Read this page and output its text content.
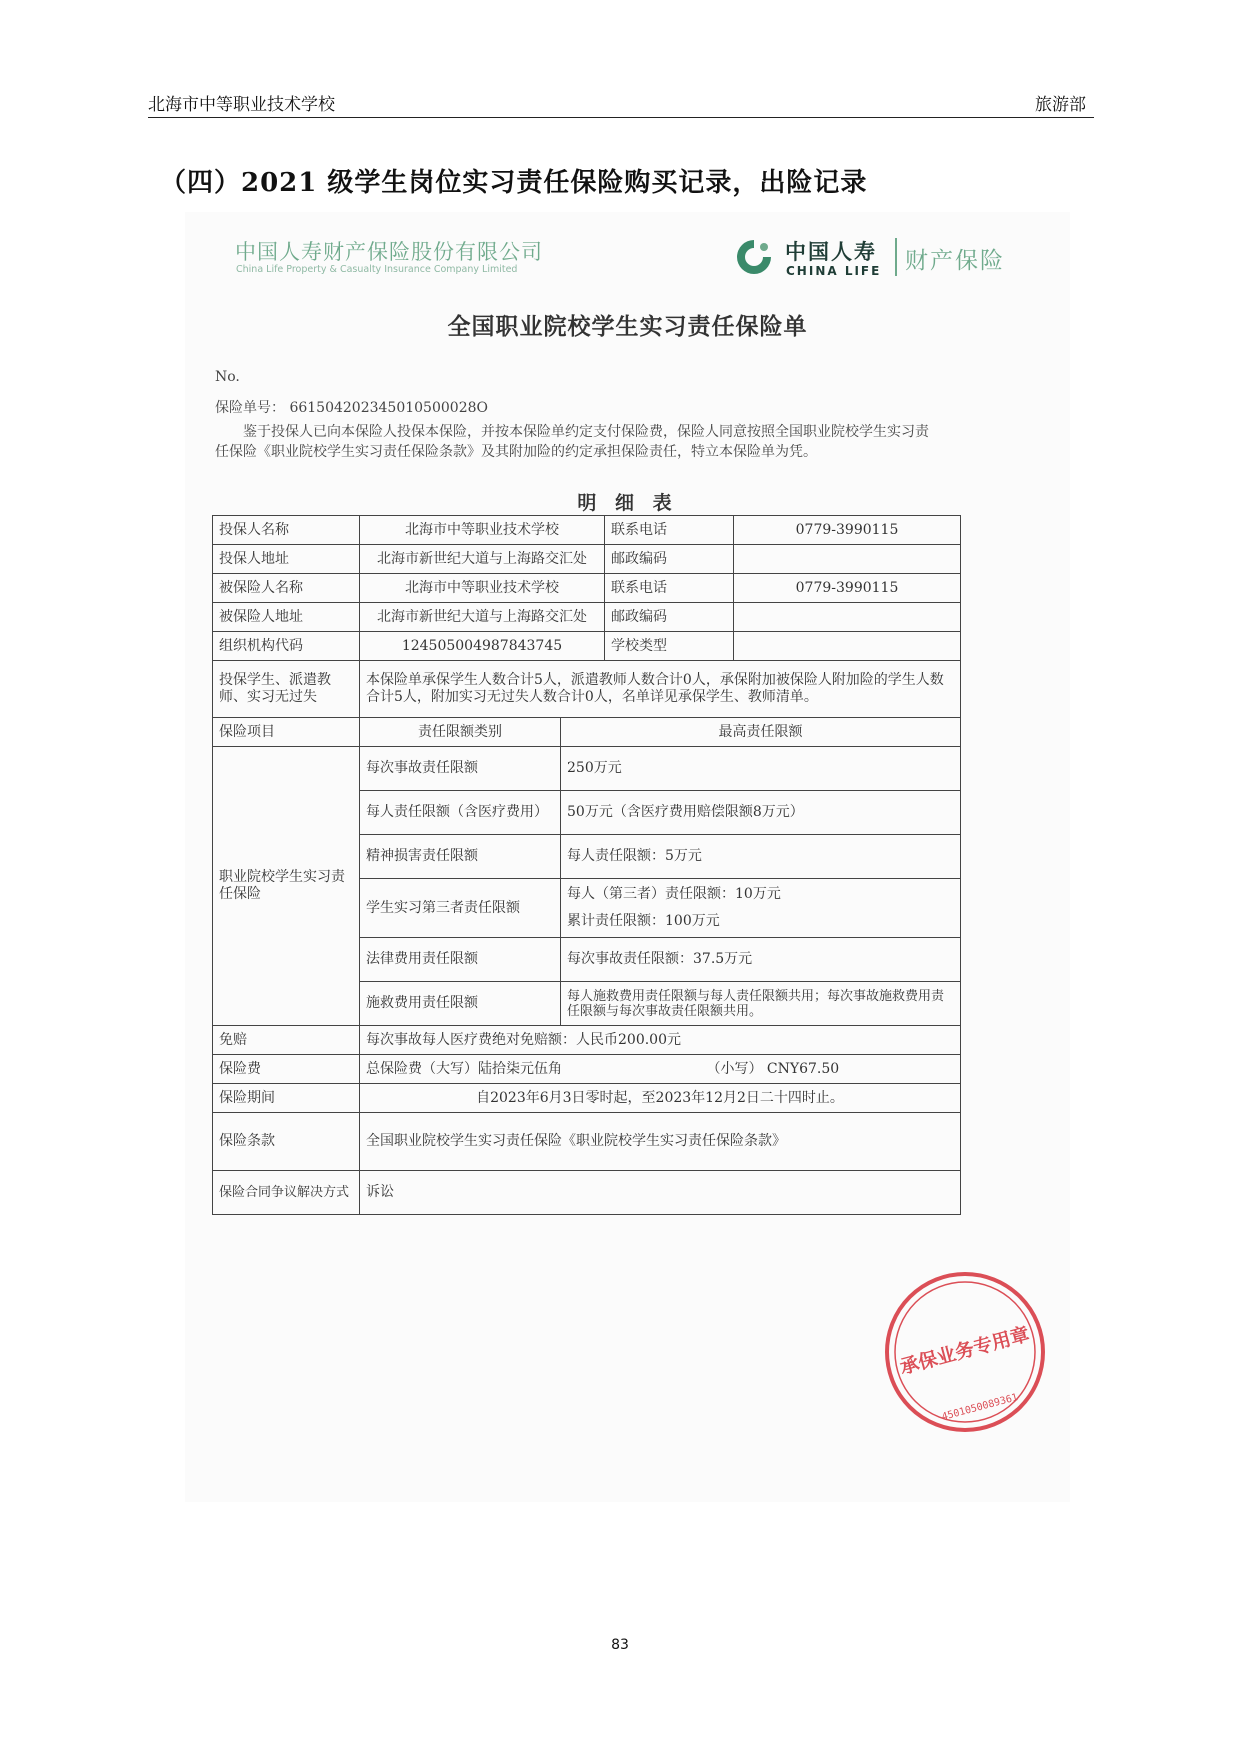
北海市中等职业技术学校	旅游部
（四）2021 级学生岗位实习责任保险购买记录，出险记录
中国人寿财产保险股份有限公司
China Life Property & Casualty Insurance Company Limited
中国人寿
CHINA LIFE 财产保险
全国职业院校学生实习责任保险单
No.
保险单号： 661504202345010500028O
鉴于投保人已向本保险人投保本保险，并按本保险单约定支付保险费，保险人同意按照全国职业院校学生实习责任保险《职业院校学生实习责任保险条款》及其附加险的约定承担保险责任，特立本保险单为凭。
明 细 表
投保人名称	北海市中等职业技术学校		联系电话	0779-3990115
投保人地址	北海市新世纪大道与上海路交汇处		邮政编码	
被保险人名称	北海市中等职业技术学校		联系电话	0779-3990115
被保险人地址	北海市新世纪大道与上海路交汇处		邮政编码	
组织机构代码	124505004987843745		学校类型	
投保学生、派遣教师、实习无过失	本保险单承保学生人数合计5人，派遣教师人数合计0人，承保附加被保险人附加险的学生人数合计5人，附加实习无过失人数合计0人，名单详见承保学生、教师清单。			
保险项目	责任限额类别	最高责任限额		
职业院校学生实习责任保险	每次事故责任限额	250万元		
	每人责任限额（含医疗费用）	50万元（含医疗费用赔偿限额8万元）		
	精神损害责任限额	每人责任限额：5万元		
	学生实习第三者责任限额	每人（第三者）责任限额：10万元
累计责任限额：100万元		

	法律费用责任限额	每次事故责任限额：37.5万元		
	施救费用责任限额	每人施救费用责任限额与每人责任限额共用；每次事故施救费用责任限额与每次事故责任限额共用。		
免赔	每次事故每人医疗费绝对免赔额：人民币200.00元			
保险费	总保险费（大写）陆拾柒元伍角 （小写） CNY67.50			
保险期间	自2023年6月3日零时起，至2023年12月2日二十四时止。			
保险条款	全国职业院校学生实习责任保险《职业院校学生实习责任保险条款》			
保险合同争议解决方式	诉讼			
承保业务专用章
4501050089361
83
